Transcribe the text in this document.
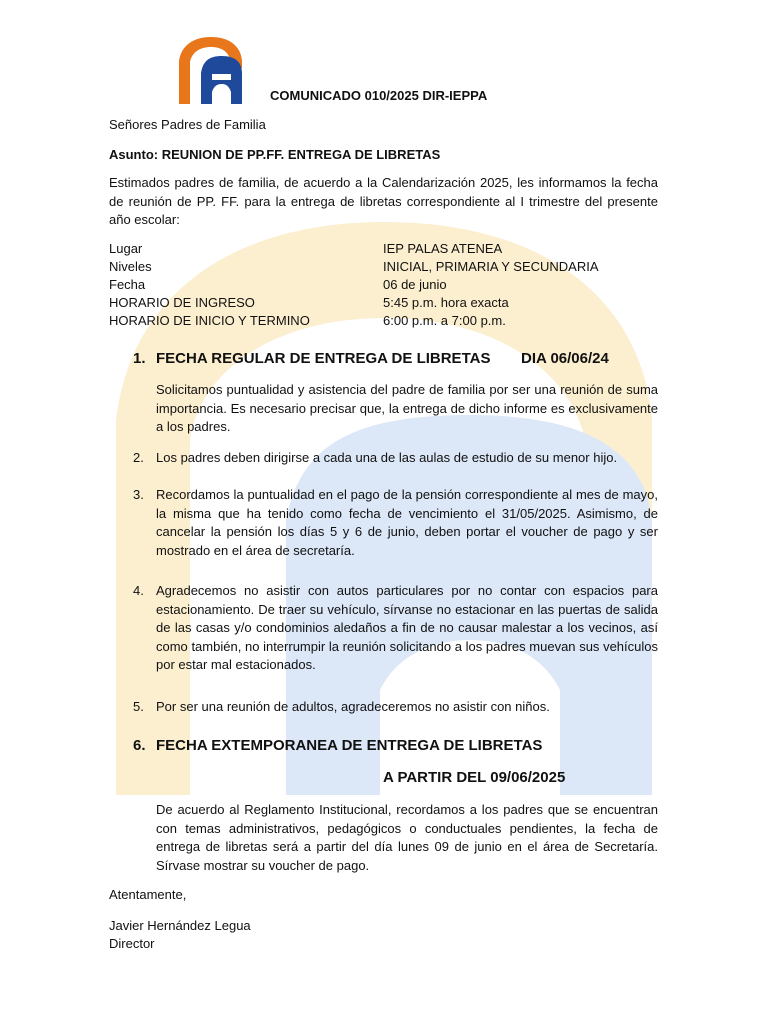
COMUNICADO 010/2025 DIR-IEPPA
Señores Padres de Familia
Asunto: REUNION DE PP.FF. ENTREGA DE LIBRETAS
Estimados padres de familia, de acuerdo a la Calendarización 2025, les informamos la fecha de reunión de PP. FF. para la entrega de libretas correspondiente al I trimestre del presente año escolar:
Lugar	IEP PALAS ATENEA
Niveles	INICIAL, PRIMARIA Y SECUNDARIA
Fecha	06 de junio
HORARIO DE INGRESO	5:45 p.m. hora exacta
HORARIO DE INICIO Y TERMINO	6:00 p.m. a 7:00 p.m.
1. FECHA REGULAR DE ENTREGA DE LIBRETAS DIA 06/06/24
Solicitamos puntualidad y asistencia del padre de familia por ser una reunión de suma importancia. Es necesario precisar que, la entrega de dicho informe es exclusivamente a los padres.
2. Los padres deben dirigirse a cada una de las aulas de estudio de su menor hijo.
3. Recordamos la puntualidad en el pago de la pensión correspondiente al mes de mayo, la misma que ha tenido como fecha de vencimiento el 31/05/2025. Asimismo, de cancelar la pensión los días 5 y 6 de junio, deben portar el voucher de pago y ser mostrado en el área de secretaría.
4. Agradecemos no asistir con autos particulares por no contar con espacios para estacionamiento. De traer su vehículo, sírvanse no estacionar en las puertas de salida de las casas y/o condominios aledaños a fin de no causar malestar a los vecinos, así como también, no interrumpir la reunión solicitando a los padres muevan sus vehículos por estar mal estacionados.
5. Por ser una reunión de adultos, agradeceremos no asistir con niños.
6. FECHA EXTEMPORANEA DE ENTREGA DE LIBRETAS
A PARTIR DEL 09/06/2025
De acuerdo al Reglamento Institucional, recordamos a los padres que se encuentran con temas administrativos, pedagógicos o conductuales pendientes, la fecha de entrega de libretas será a partir del día lunes 09 de junio en el área de Secretaría. Sírvase mostrar su voucher de pago.
Atentamente,
Javier Hernández Legua
Director
